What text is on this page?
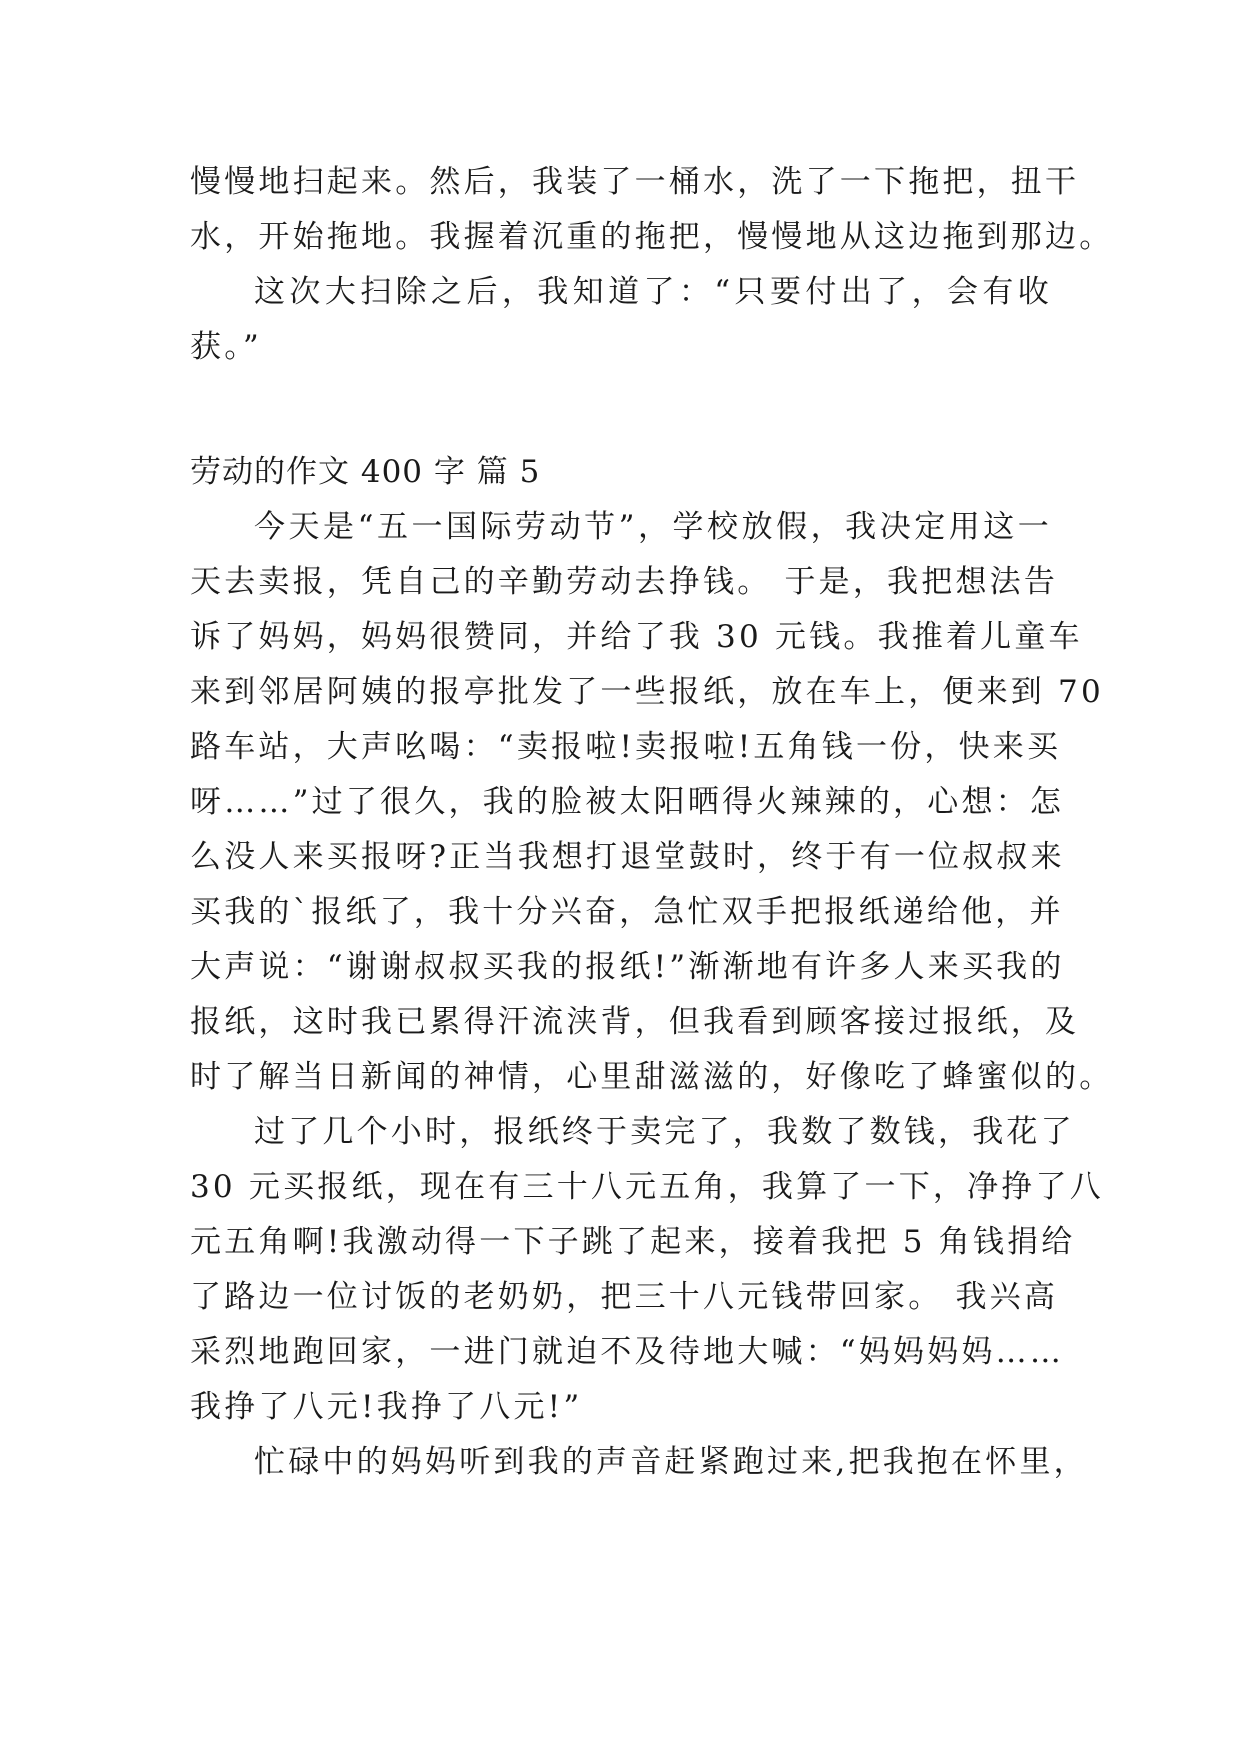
慢慢地扫起来。然后，我装了一桶水，洗了一下拖把，扭干
水，开始拖地。我握着沉重的拖把，慢慢地从这边拖到那边。
这次大扫除之后，我知道了：“只要付出了，会有收
获。”
劳动的作文 400 字 篇 5
今天是“五一国际劳动节”，学校放假，我决定用这一
天去卖报，凭自己的辛勤劳动去挣钱。 于是，我把想法告
诉了妈妈，妈妈很赞同，并给了我 30 元钱。我推着儿童车
来到邻居阿姨的报亭批发了一些报纸，放在车上，便来到 70
路车站，大声吆喝：“卖报啦!卖报啦!五角钱一份，快来买
呀……”过了很久，我的脸被太阳晒得火辣辣的，心想：怎
么没人来买报呀?正当我想打退堂鼓时，终于有一位叔叔来
买我的`报纸了，我十分兴奋，急忙双手把报纸递给他，并
大声说：“谢谢叔叔买我的报纸!”渐渐地有许多人来买我的
报纸，这时我已累得汗流浃背，但我看到顾客接过报纸，及
时了解当日新闻的神情，心里甜滋滋的，好像吃了蜂蜜似的。
过了几个小时，报纸终于卖完了，我数了数钱，我花了
30 元买报纸，现在有三十八元五角，我算了一下，净挣了八
元五角啊!我激动得一下子跳了起来，接着我把 5 角钱捐给
了路边一位讨饭的老奶奶，把三十八元钱带回家。 我兴高
采烈地跑回家，一进门就迫不及待地大喊：“妈妈妈妈……
我挣了八元!我挣了八元!”
忙碌中的妈妈听到我的声音赶紧跑过来,把我抱在怀里，
